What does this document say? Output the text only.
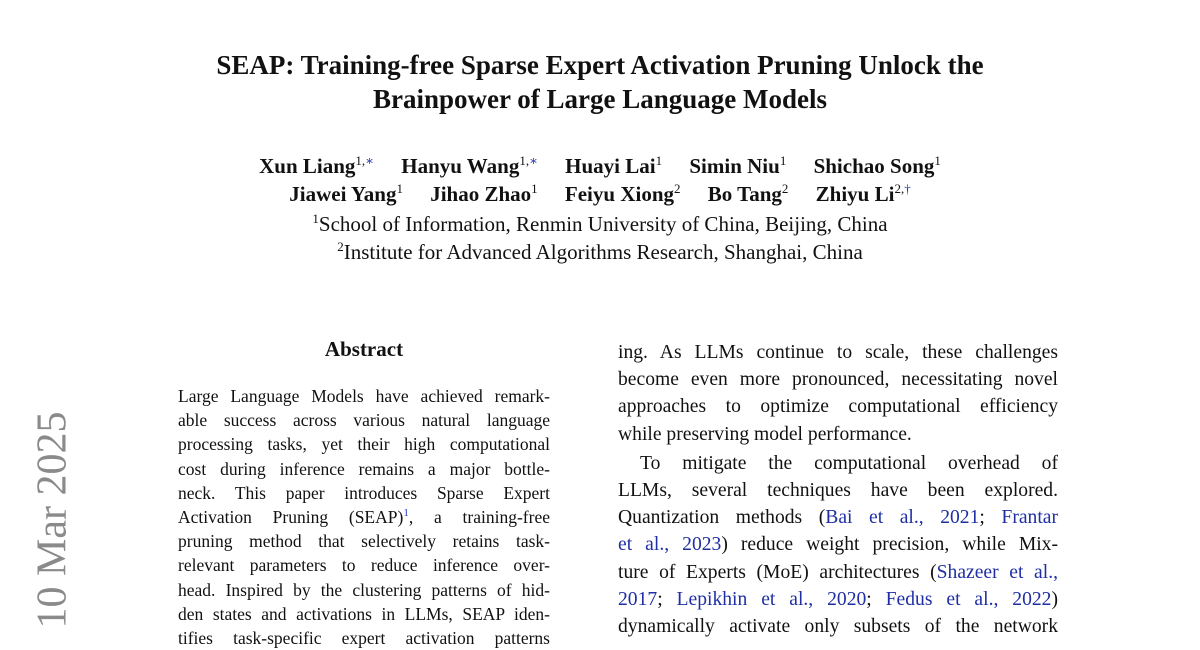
10 Mar 2025
SEAP: Training-free Sparse Expert Activation Pruning Unlock the
Brainpower of Large Language Models
Xun Liang$^{1,∗}$ Hanyu Wang$^{1,∗}$ Huayi Lai$^1$ Simin Niu$^1$ Shichao Song$^1$
Jiawei Yang$^1$ Jihao Zhao$^1$ Feiyu Xiong$^2$ Bo Tang$^2$ Zhiyu $Li^{2,\dagger}$
$^1$School of Information, Renmin University of China, Beijing, China
$^2$Institute for Advanced Algorithms Research, Shanghai, China
Abstract
Large Language Models have achieved remark-
able success across various natural language
processing tasks, yet their high computational
cost during inference remains a major bottle-
neck. This paper introduces Sparse Expert
Activation Pruning (SEAP)$^1$, a training-free
pruning method that selectively retains task-
relevant parameters to reduce inference over-
head. Inspired by the clustering patterns of hid-
den states and activations in LLMs, SEAP iden-
tifies task-specific expert activation patterns

ing. As LLMs continue to scale, these challenges
become even more pronounced, necessitating novel
approaches to optimize computational efficiency
while preserving model performance.

To mitigate the computational overhead of
LLMs, several techniques have been explored.
Quantization methods (Bai et al., 2021; Frantar
et al., 2023) reduce weight precision, while Mix-
ture of Experts (MoE) architectures (Shazeer et al.,
2017; Lepikhin et al., 2020; Fedus et al., 2022)
dynamically activate only subsets of the network
